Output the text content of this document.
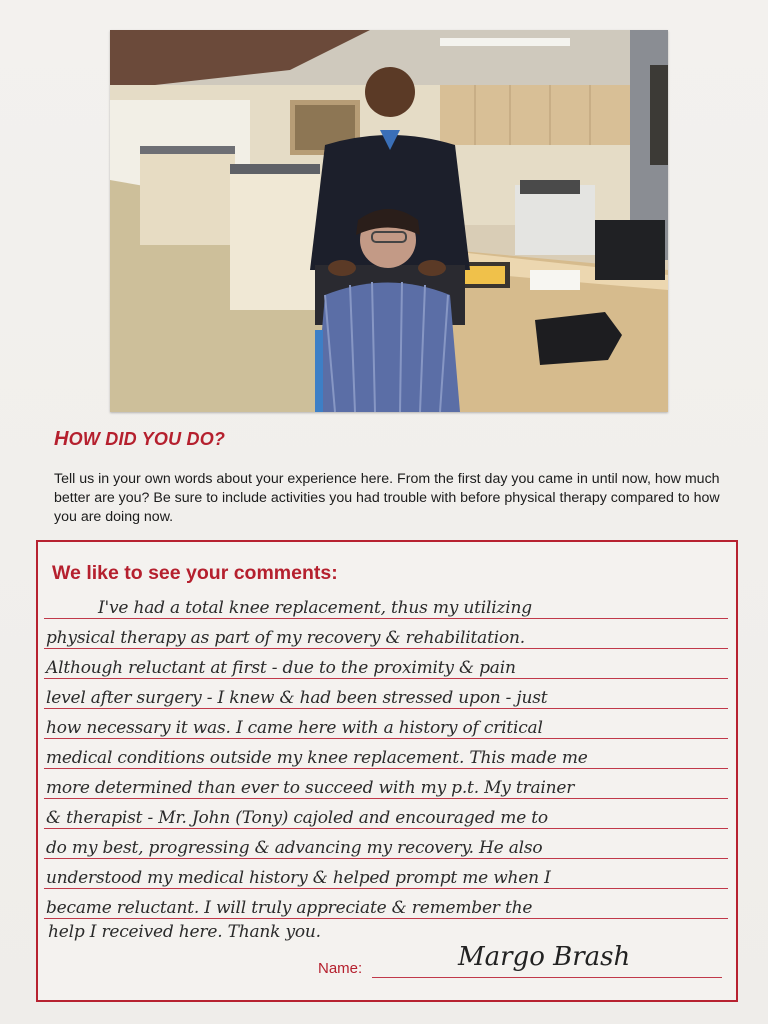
HOW DID YOU DO?
Tell us in your own words about your experience here. From the first day you came in until now, how much better are you? Be sure to include activities you had trouble with before physical therapy compared to how you are doing now.
We like to see your comments:
I've had a total knee replacement, thus my utilizing
physical therapy as part of my recovery & rehabilitation.
Although reluctant at first - due to the proximity & pain
level after surgery - I knew & had been stressed upon - just
how necessary it was. I came here with a history of critical
medical conditions outside my knee replacement. This made me
more determined than ever to succeed with my p.t. My trainer
& therapist - Mr. John (Tony) cajoled and encouraged me to
do my best, progressing & advancing my recovery. He also
understood my medical history & helped prompt me when I
became reluctant. I will truly appreciate & remember the
help I received here. Thank you.
Name:	Margo Brash
